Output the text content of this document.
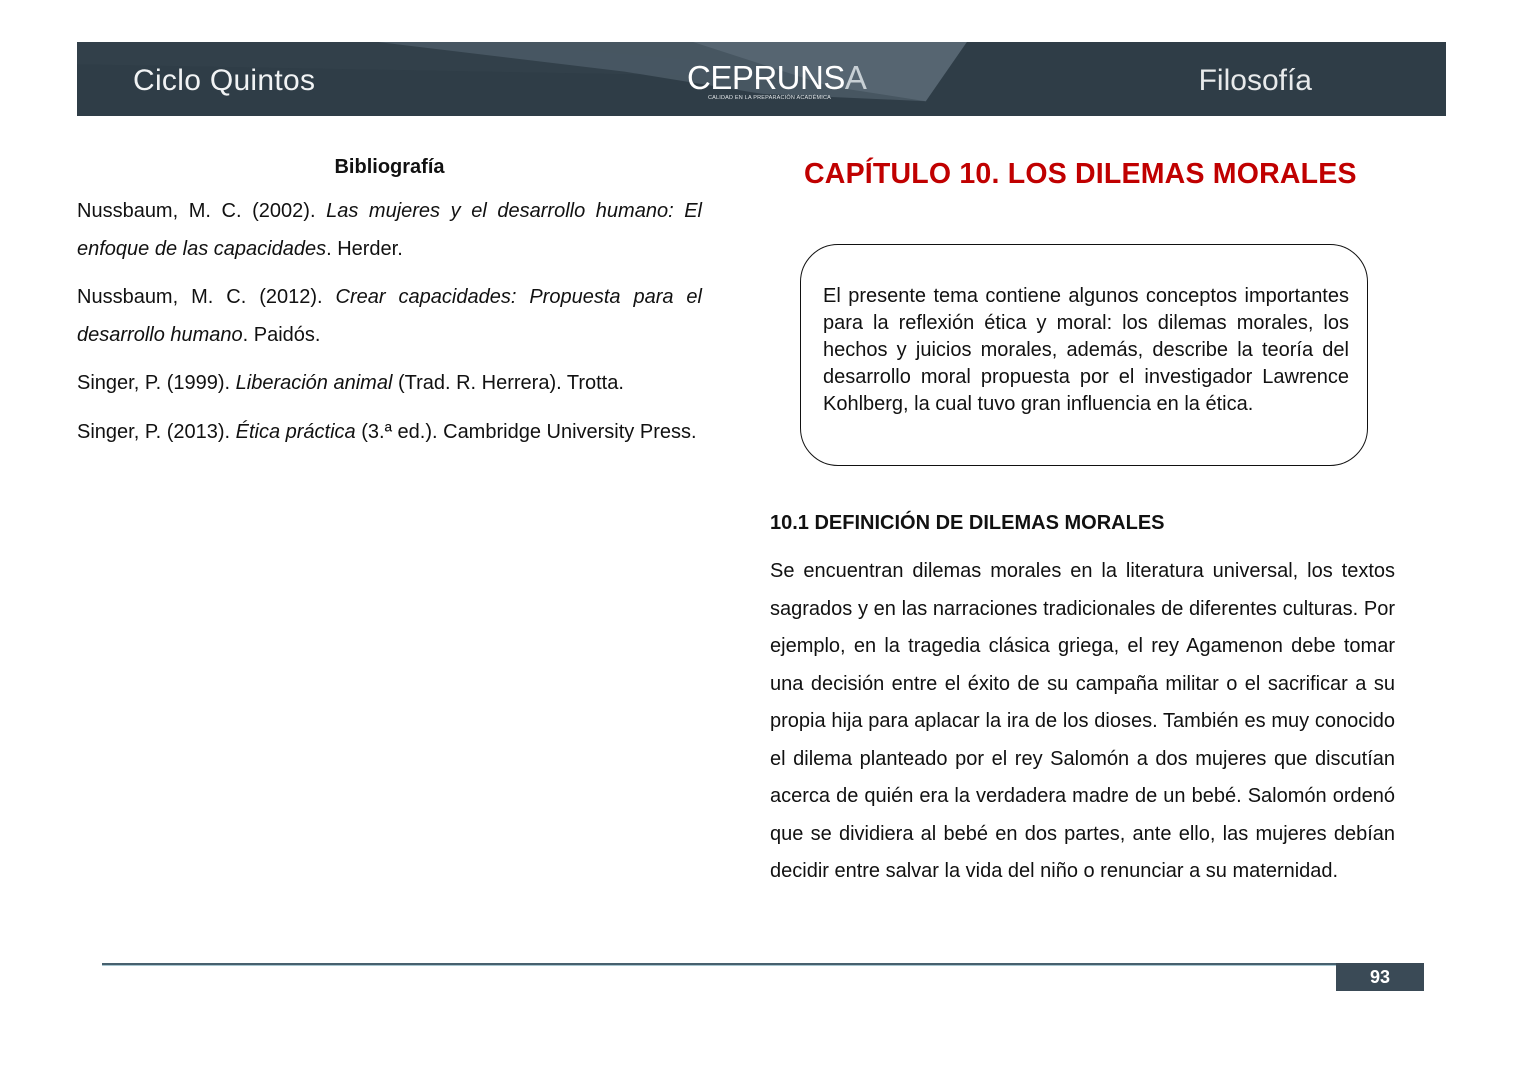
Ciclo Quintos	CEPRUNSA
CALIDAD EN LA PREPARACIÓN ACADÉMICA
Filosofía
Bibliografía

Nussbaum, M. C. (2002). Las mujeres y el desarrollo humano: El enfoque de las capacidades. Herder.

Nussbaum, M. C. (2012). Crear capacidades: Propuesta para el desarrollo humano. Paidós.

Singer, P. (1999). Liberación animal (Trad. R. Herrera). Trotta.

Singer, P. (2013). Ética práctica (3.ª ed.). Cambridge University Press.

CAPÍTULO 10. LOS DILEMAS MORALES
El presente tema contiene algunos conceptos importantes para la reflexión ética y moral: los dilemas morales, los hechos y juicios morales, además, describe la teoría del desarrollo moral propuesta por el investigador Lawrence Kohlberg, la cual tuvo gran influencia en la ética.
10.1 DEFINICIÓN DE DILEMAS MORALES
Se encuentran dilemas morales en la literatura universal, los textos sagrados y en las narraciones tradicionales de diferentes culturas. Por ejemplo, en la tragedia clásica griega, el rey Agamenon debe tomar una decisión entre el éxito de su campaña militar o el sacrificar a su propia hija para aplacar la ira de los dioses. También es muy conocido el dilema planteado por el rey Salomón a dos mujeres que discutían acerca de quién era la verdadera madre de un bebé. Salomón ordenó que se dividiera al bebé en dos partes, ante ello, las mujeres debían decidir entre salvar la vida del niño o renunciar a su maternidad.
93
